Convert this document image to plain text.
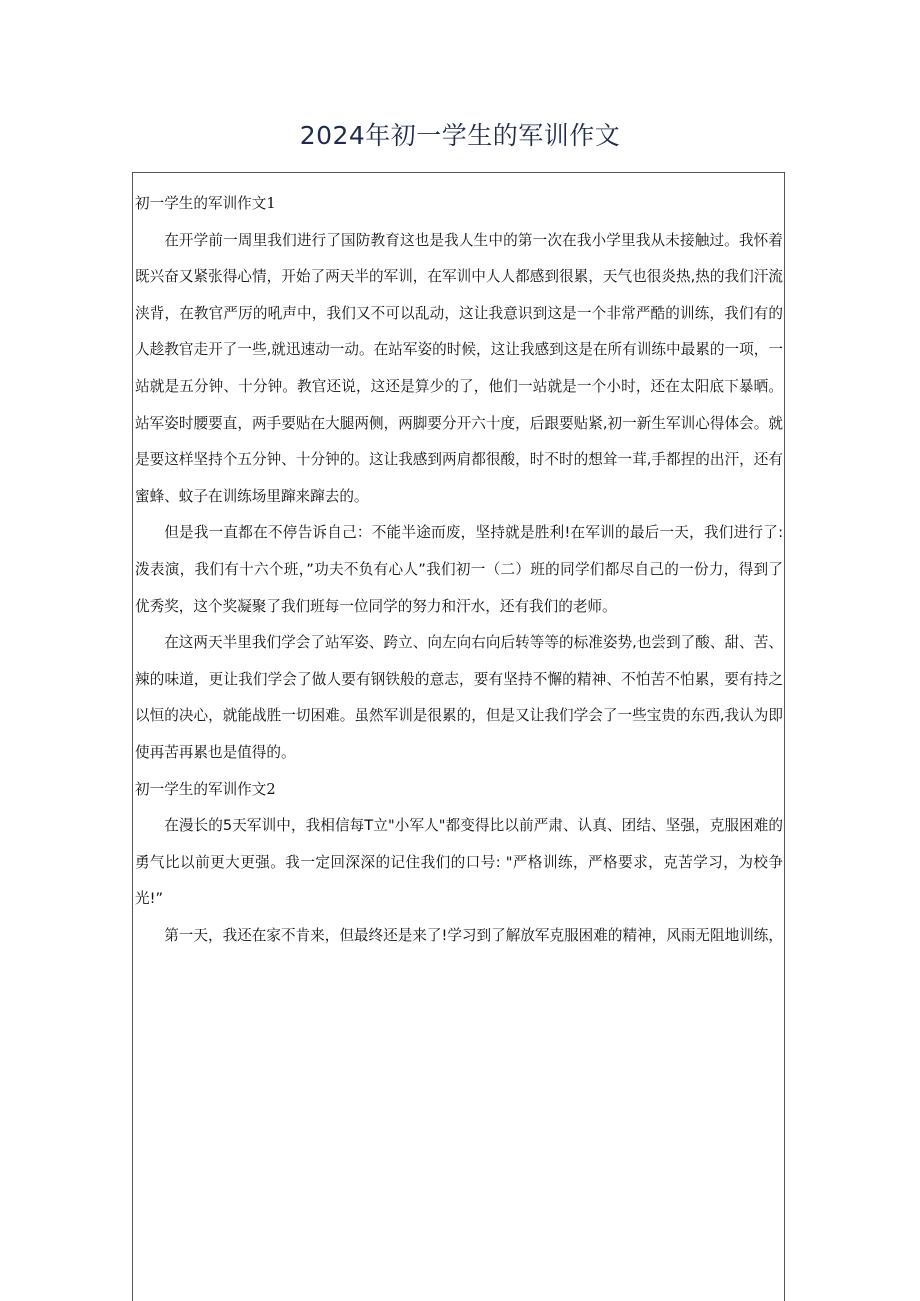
2024年初一学生的军训作文

初一学生的军训作文1

在开学前一周里我们进行了国防教育这也是我人生中的第一次在我小学里我从未接触过。我怀着既兴奋又紧张得心情，开始了两天半的军训，在军训中人人都感到很累，天气也很炎热,热的我们汗流浃背，在教官严厉的吼声中，我们又不可以乱动，这让我意识到这是一个非常严酷的训练，我们有的人趁教官走开了一些,就迅速动一动。在站军姿的时候，这让我感到这是在所有训练中最累的一项，一站就是五分钟、十分钟。教官还说，这还是算少的了，他们一站就是一个小时，还在太阳底下暴晒。站军姿时腰要直，两手要贴在大腿两侧，两脚要分开六十度，后跟要贴紧,初一新生军训心得体会。就是要这样坚持个五分钟、十分钟的。这让我感到两肩都很酸，时不时的想耸一茸,手都捏的出汗，还有蜜蜂、蚊子在训练场里蹿来蹿去的。

但是我一直都在不停告诉自己：不能半途而废，坚持就是胜利!在军训的最后一天，我们进行了:泼表演，我们有十六个班，”功夫不负有心人”我们初一（二）班的同学们都尽自己的一份力，得到了优秀奖，这个奖凝聚了我们班每一位同学的努力和汗水，还有我们的老师。

在这两天半里我们学会了站军姿、跨立、向左向右向后转等等的标准姿势,也尝到了酸、甜、苦、辣的味道，更让我们学会了做人要有钢铁般的意志，要有坚持不懈的精神、不怕苦不怕累，要有持之以恒的决心，就能战胜一切困难。虽然军训是很累的，但是又让我们学会了一些宝贵的东西,我认为即使再苦再累也是值得的。

初一学生的军训作文2

在漫长的5天军训中，我相信每T立"小军人"都变得比以前严肃、认真、团结、坚强，克服困难的勇气比以前更大更强。我一定回深深的记住我们的口号: "严格训练，严格要求，克苦学习，为校争光!”

第一天，我还在家不肯来，但最终还是来了!学习到了解放军克服困难的精神，风雨无阻地训练，
